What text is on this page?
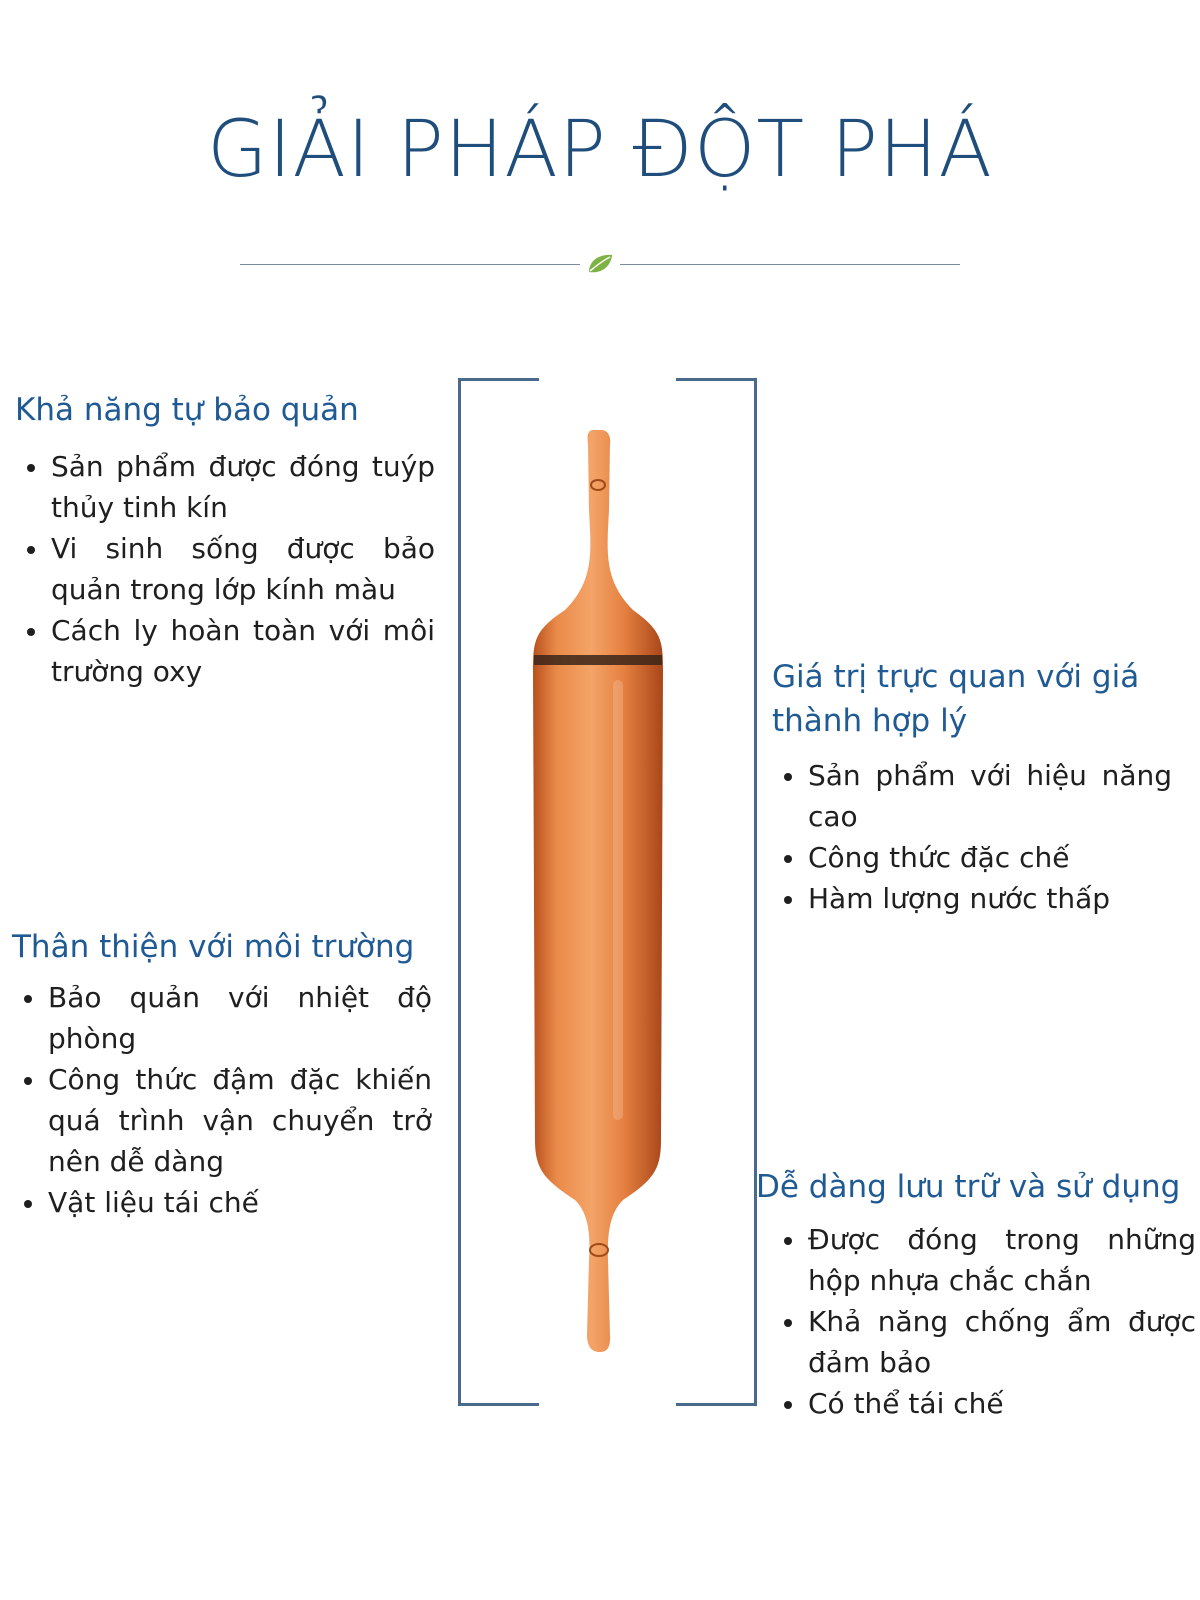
GIẢI PHÁP ĐỘT PHÁ
Khả năng tự bảo quản
Sản phẩm được đóng tuýp thủy tinh kín
Vi sinh sống được bảo quản trong lớp kính màu
Cách ly hoàn toàn với môi trường oxy
Thân thiện với môi trường
Bảo quản với nhiệt độ phòng
Công thức đậm đặc khiến quá trình vận chuyển trở nên dễ dàng
Vật liệu tái chế
Giá trị trực quan với giá thành hợp lý
Sản phẩm với hiệu năng cao
Công thức đặc chế
Hàm lượng nước thấp
Dễ dàng lưu trữ và sử dụng
Được đóng trong những hộp nhựa chắc chắn
Khả năng chống ẩm được đảm bảo
Có thể tái chế
